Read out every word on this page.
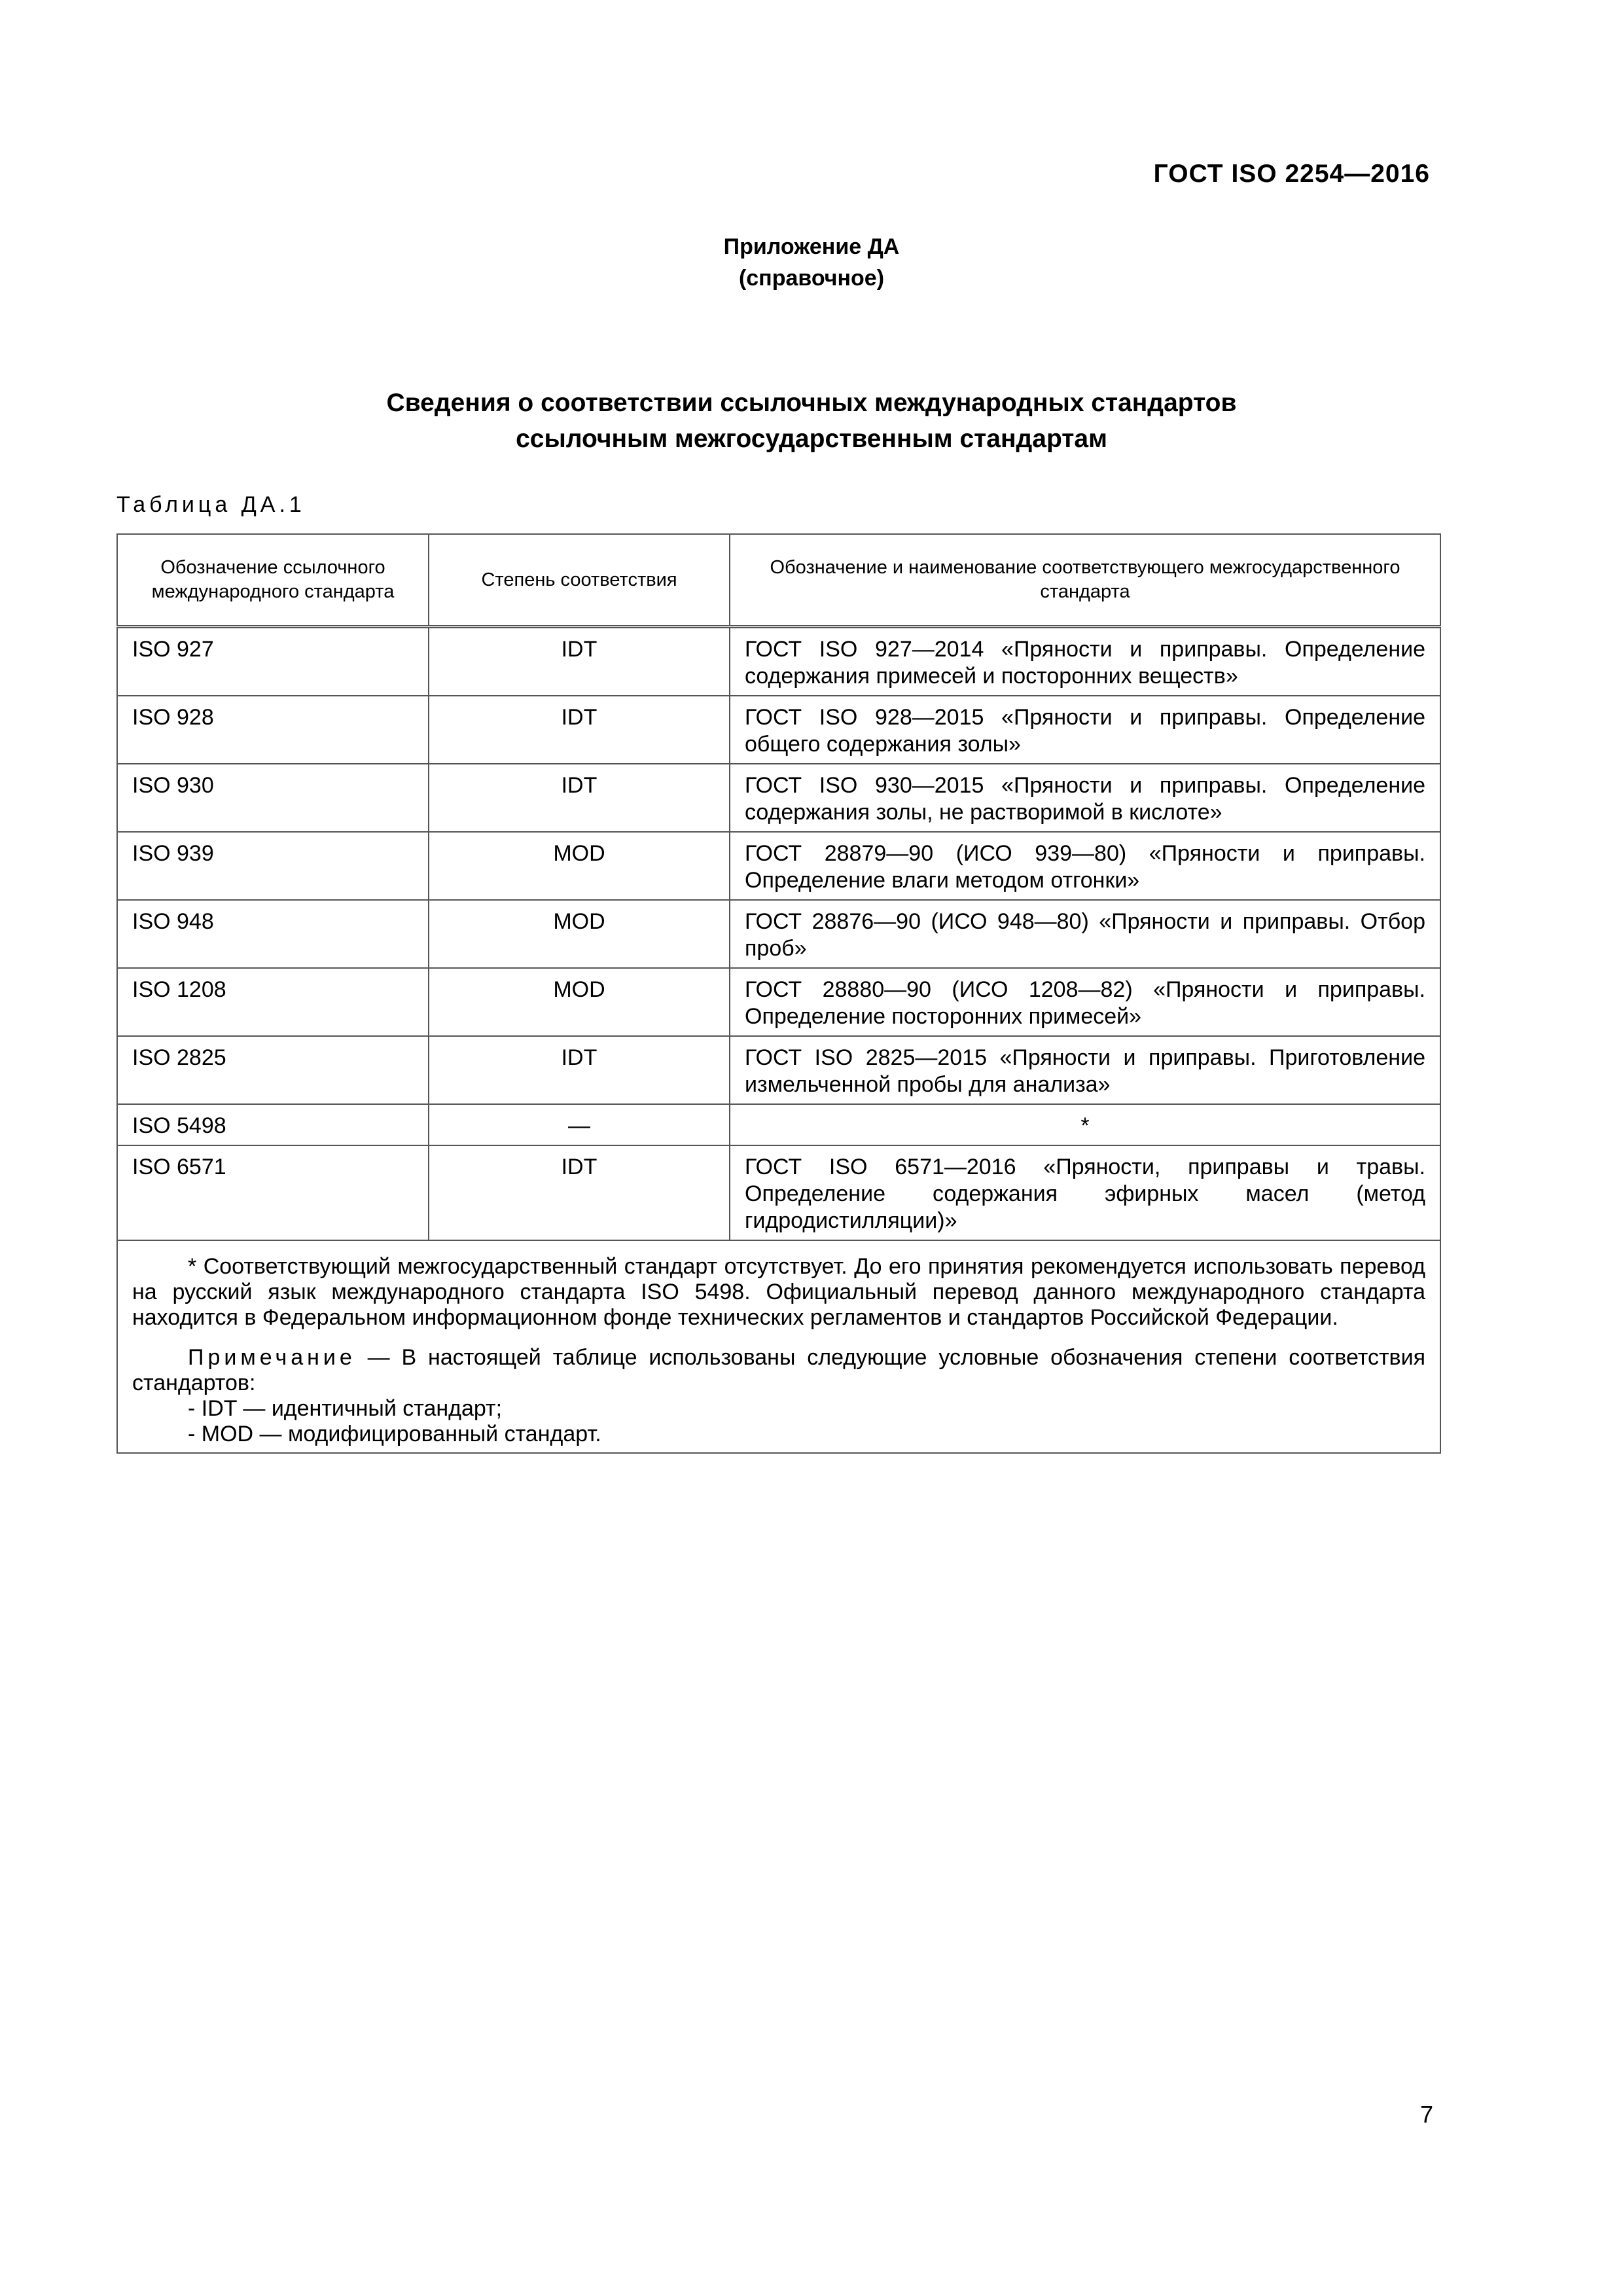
ГОСТ ISO 2254—2016
Приложение ДА
(справочное)
Сведения о соответствии ссылочных международных стандартов
ссылочным межгосударственным стандартам
Таблица ДА.1
Обозначение ссылочного международного стандарта	Степень соответствия	Обозначение и наименование соответствующего межгосударственного стандарта
ISO 927	IDT	ГОСТ ISO 927—2014 «Пряности и приправы. Определение содержания примесей и посторонних веществ»
ISO 928	IDT	ГОСТ ISO 928—2015 «Пряности и приправы. Определение общего содержания золы»
ISO 930	IDT	ГОСТ ISO 930—2015 «Пряности и приправы. Определение содержания золы, не растворимой в кислоте»
ISO 939	MOD	ГОСТ 28879—90 (ИСО 939—80) «Пряности и приправы. Определение влаги методом отгонки»
ISO 948	MOD	ГОСТ 28876—90 (ИСО 948—80) «Пряности и приправы. Отбор проб»
ISO 1208	MOD	ГОСТ 28880—90 (ИСО 1208—82) «Пряности и приправы. Определение посторонних примесей»
ISO 2825	IDT	ГОСТ ISO 2825—2015 «Пряности и приправы. Приготовление измельченной пробы для анализа»
ISO 5498	—	*
ISO 6571	IDT	ГОСТ ISO 6571—2016 «Пряности, приправы и травы. Определение содержания эфирных масел (метод гидродистилляции)»

* Соответствующий межгосударственный стандарт отсутствует. До его принятия рекомендуется использовать перевод на русский язык международного стандарта ISO 5498. Официальный перевод данного международного стандарта находится в Федеральном информационном фонде технических регламентов и стандартов Российской Федерации.

Примечание — В настоящей таблице использованы следующие условные обозначения степени соответствия стандартов:

- IDT — идентичный стандарт;

- MOD — модифицированный стандарт.		

7
